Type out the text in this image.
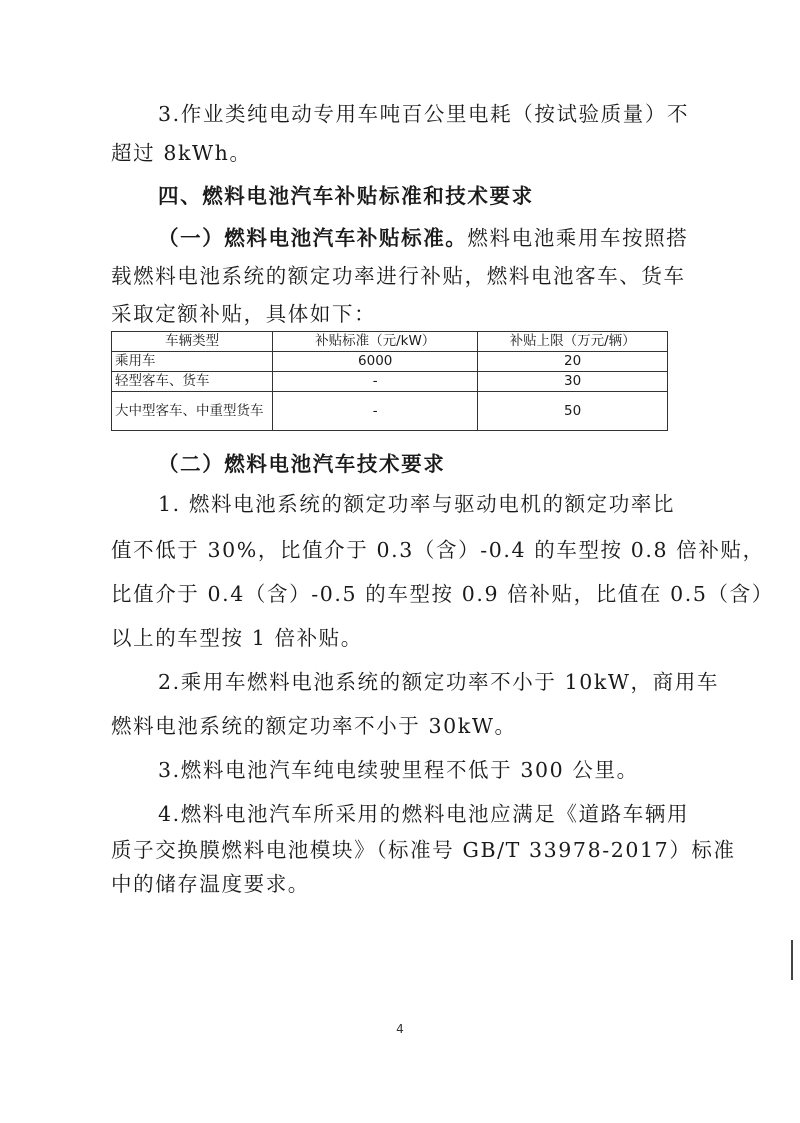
3.作业类纯电动专用车吨百公里电耗（按试验质量）不
超过 8kWh。
四、燃料电池汽车补贴标准和技术要求
（一）燃料电池汽车补贴标准。燃料电池乘用车按照搭
载燃料电池系统的额定功率进行补贴，燃料电池客车、货车
采取定额补贴，具体如下：
车辆类型	补贴标准（元/kW）	补贴上限（万元/辆）
乘用车	6000	20
轻型客车、货车	-	30
大中型客车、中重型货车	-	50
（二）燃料电池汽车技术要求
1. 燃料电池系统的额定功率与驱动电机的额定功率比
值不低于 30%，比值介于 0.3（含）-0.4 的车型按 0.8 倍补贴，
比值介于 0.4（含）-0.5 的车型按 0.9 倍补贴，比值在 0.5（含）
以上的车型按 1 倍补贴。
2.乘用车燃料电池系统的额定功率不小于 10kW，商用车
燃料电池系统的额定功率不小于 30kW。
3.燃料电池汽车纯电续驶里程不低于 300 公里。
4.燃料电池汽车所采用的燃料电池应满足《道路车辆用
质子交换膜燃料电池模块》（标准号 GB/T 33978-2017）标准
中的储存温度要求。
4
